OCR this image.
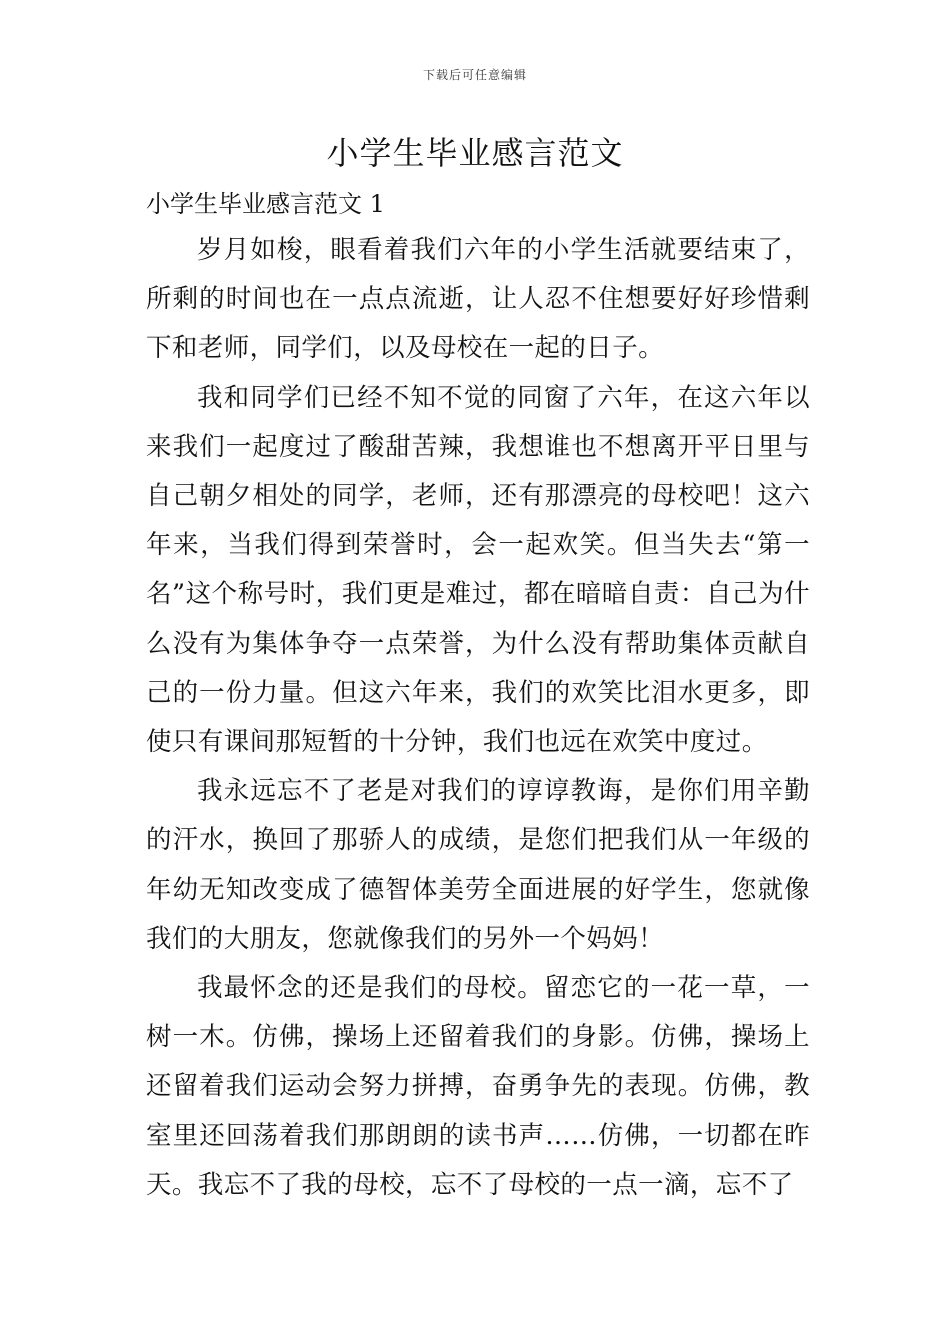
下载后可任意编辑
小学生毕业感言范文
小学生毕业感言范文 1

岁月如梭，眼看着我们六年的小学生活就要结束了，所剩的时间也在一点点流逝，让人忍不住想要好好珍惜剩下和老师，同学们，以及母校在一起的日子。

我和同学们已经不知不觉的同窗了六年，在这六年以来我们一起度过了酸甜苦辣，我想谁也不想离开平日里与自己朝夕相处的同学，老师，还有那漂亮的母校吧！这六年来，当我们得到荣誉时，会一起欢笑。但当失去“第一名”这个称号时，我们更是难过，都在暗暗自责：自己为什么没有为集体争夺一点荣誉，为什么没有帮助集体贡献自己的一份力量。但这六年来，我们的欢笑比泪水更多，即使只有课间那短暂的十分钟，我们也远在欢笑中度过。

我永远忘不了老是对我们的谆谆教诲，是你们用辛勤的汗水，换回了那骄人的成绩，是您们把我们从一年级的年幼无知改变成了德智体美劳全面进展的好学生，您就像我们的大朋友，您就像我们的另外一个妈妈！

我最怀念的还是我们的母校。留恋它的一花一草，一树一木。仿佛，操场上还留着我们的身影。仿佛，操场上还留着我们运动会努力拼搏，奋勇争先的表现。仿佛，教室里还回荡着我们那朗朗的读书声……仿佛，一切都在昨天。我忘不了我的母校，忘不了母校的一点一滴，忘不了
